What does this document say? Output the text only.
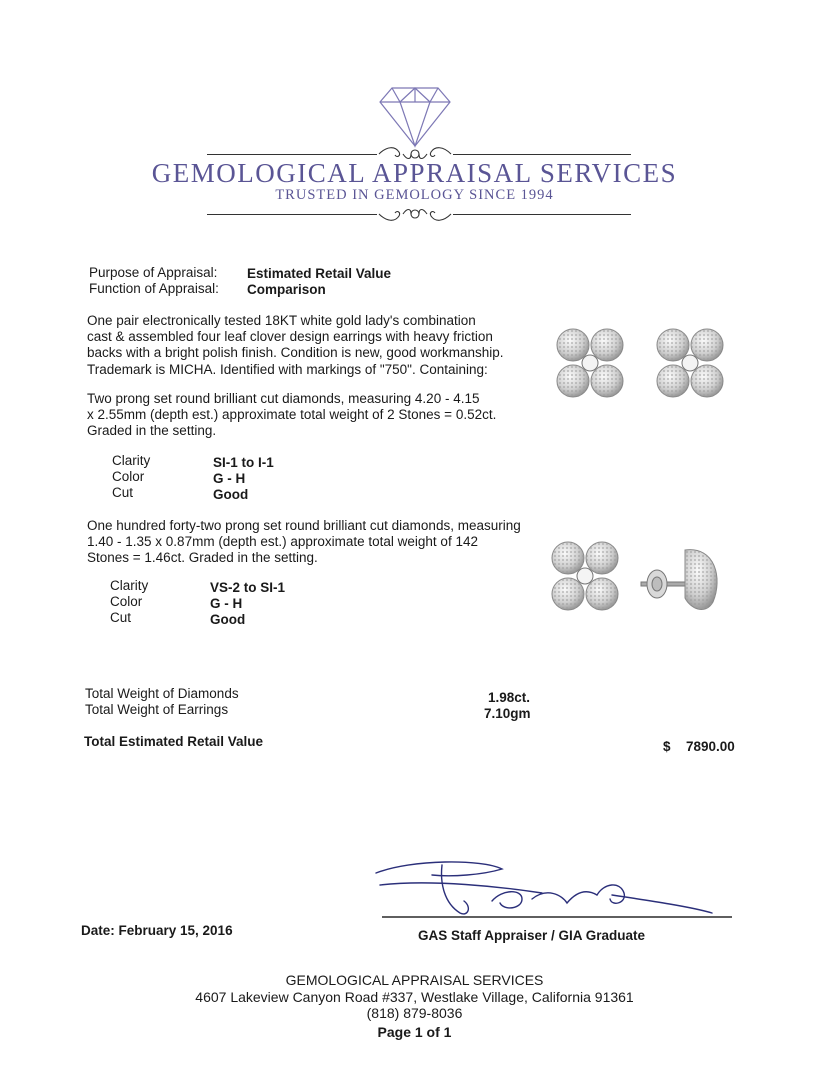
GEMOLOGICAL APPRAISAL SERVICES
TRUSTED IN GEMOLOGY SINCE 1994
Purpose of Appraisal: Estimated Retail Value
Function of Appraisal: Comparison
One pair electronically tested 18KT white gold lady's combination
cast & assembled four leaf clover design earrings with heavy friction
backs with a bright polish finish. Condition is new, good workmanship.
Trademark is MICHA. Identified with markings of "750". Containing:
Two prong set round brilliant cut diamonds, measuring 4.20 - 4.15
x 2.55mm (depth est.) approximate total weight of 2 Stones = 0.52ct.
Graded in the setting.
Clarity	SI-1 to I-1
Color	G - H
Cut	Good
One hundred forty-two prong set round brilliant cut diamonds, measuring
1.40 - 1.35 x 0.87mm (depth est.) approximate total weight of 142
Stones = 1.46ct. Graded in the setting.
Clarity	VS-2 to SI-1
Color	G - H
Cut	Good
Total Weight of Diamonds	1.98ct.
Total Weight of Earrings	7.10gm
Total Estimated Retail Value	$ 7890.00
Date: February 15, 2016	GAS Staff Appraiser / GIA Graduate
GEMOLOGICAL APPRAISAL SERVICES
4607 Lakeview Canyon Road #337, Westlake Village, California 91361
(818) 879-8036
Page 1 of 1
